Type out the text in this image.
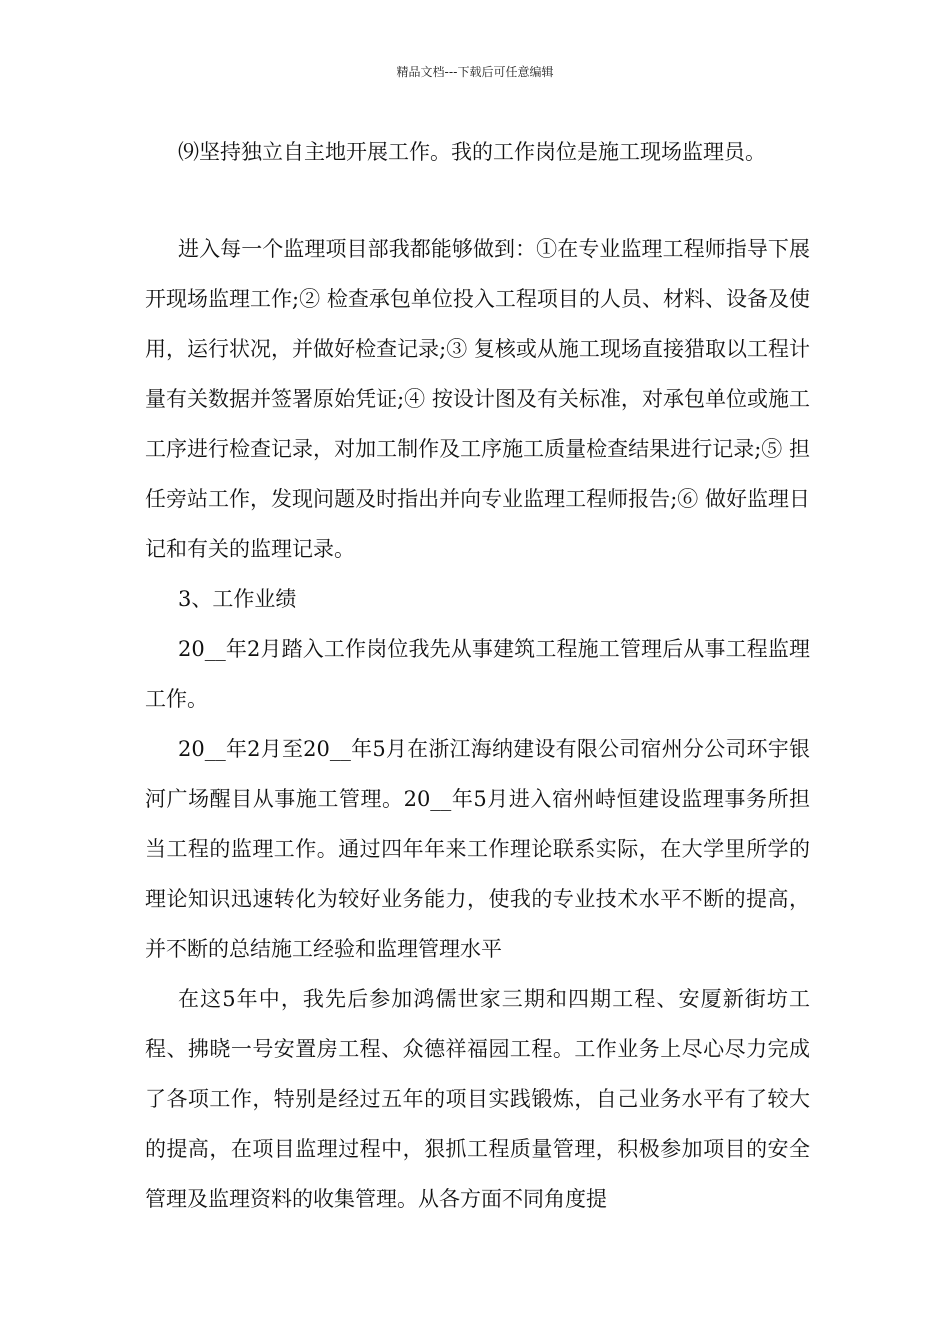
精品文档---下载后可任意编辑

⑼坚持独立自主地开展工作。我的工作岗位是施工现场监理员。

进入每一个监理项目部我都能够做到：①在专业监理工程师指导下展开现场监理工作;② 检查承包单位投入工程项目的人员、材料、设备及使用，运行状况，并做好检查记录;③ 复核或从施工现场直接猎取以工程计量有关数据并签署原始凭证;④ 按设计图及有关标准，对承包单位或施工工序进行检查记录，对加工制作及工序施工质量检查结果进行记录;⑤ 担任旁站工作，发现问题及时指出并向专业监理工程师报告;⑥ 做好监理日记和有关的监理记录。

3、工作业绩

20__年2月踏入工作岗位我先从事建筑工程施工管理后从事工程监理工作。

20__年2月至20__年5月在浙江海纳建设有限公司宿州分公司环宇银河广场醒目从事施工管理。20__年5月进入宿州峙恒建设监理事务所担当工程的监理工作。通过四年年来工作理论联系实际，在大学里所学的理论知识迅速转化为较好业务能力，使我的专业技术水平不断的提高，并不断的总结施工经验和监理管理水平

在这5年中，我先后参加鸿儒世家三期和四期工程、安厦新街坊工程、拂晓一号安置房工程、众德祥福园工程。工作业务上尽心尽力完成了各项工作，特别是经过五年的项目实践锻炼，自己业务水平有了较大的提高，在项目监理过程中，狠抓工程质量管理，积极参加项目的安全管理及监理资料的收集管理。从各方面不同角度提
